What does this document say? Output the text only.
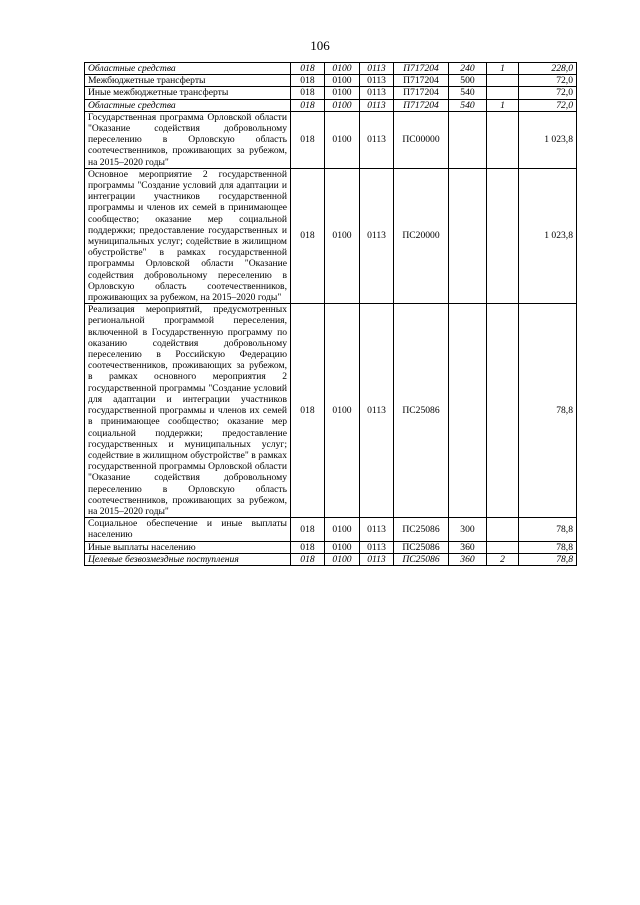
106
Областные средства	018	0100	0113	П717204	240	1	228,0
Межбюджетные трансферты	018	0100	0113	П717204	500		72,0
Иные межбюджетные трансферты	018	0100	0113	П717204	540		72,0
Областные средства	018	0100	0113	П717204	540	1	72,0
Государственная программа Орловской области "Оказание содействия добровольному переселению в Орловскую область соотечественников, проживающих за рубежом, на 2015–2020 годы"	018	0100	0113	ПС00000			1 023,8
Основное мероприятие 2 государственной программы "Создание условий для адаптации и интеграции участников государственной программы и членов их семей в принимающее сообщество; оказание мер социальной поддержки; предоставление государственных и муниципальных услуг; содействие в жилищном обустройстве" в рамках государственной программы Орловской области "Оказание содействия добровольному переселению в Орловскую область соотечественников, проживающих за рубежом, на 2015–2020 годы"	018	0100	0113	ПС20000			1 023,8
Реализация мероприятий, предусмотренных региональной программой переселения, включенной в Государственную программу по оказанию содействия добровольному переселению в Российскую Федерацию соотечественников, проживающих за рубежом, в рамках основного мероприятия 2 государственной программы "Создание условий для адаптации и интеграции участников государственной программы и членов их семей в принимающее сообщество; оказание мер социальной поддержки; предоставление государственных и муниципальных услуг; содействие в жилищном обустройстве" в рамках государственной программы Орловской области "Оказание содействия добровольному переселению в Орловскую область соотечественников, проживающих за рубежом, на 2015–2020 годы"	018	0100	0113	ПС25086			78,8
Социальное обеспечение и иные выплаты населению	018	0100	0113	ПС25086	300		78,8
Иные выплаты населению	018	0100	0113	ПС25086	360		78,8
Целевые безвозмездные поступления	018	0100	0113	ПС25086	360	2	78,8
